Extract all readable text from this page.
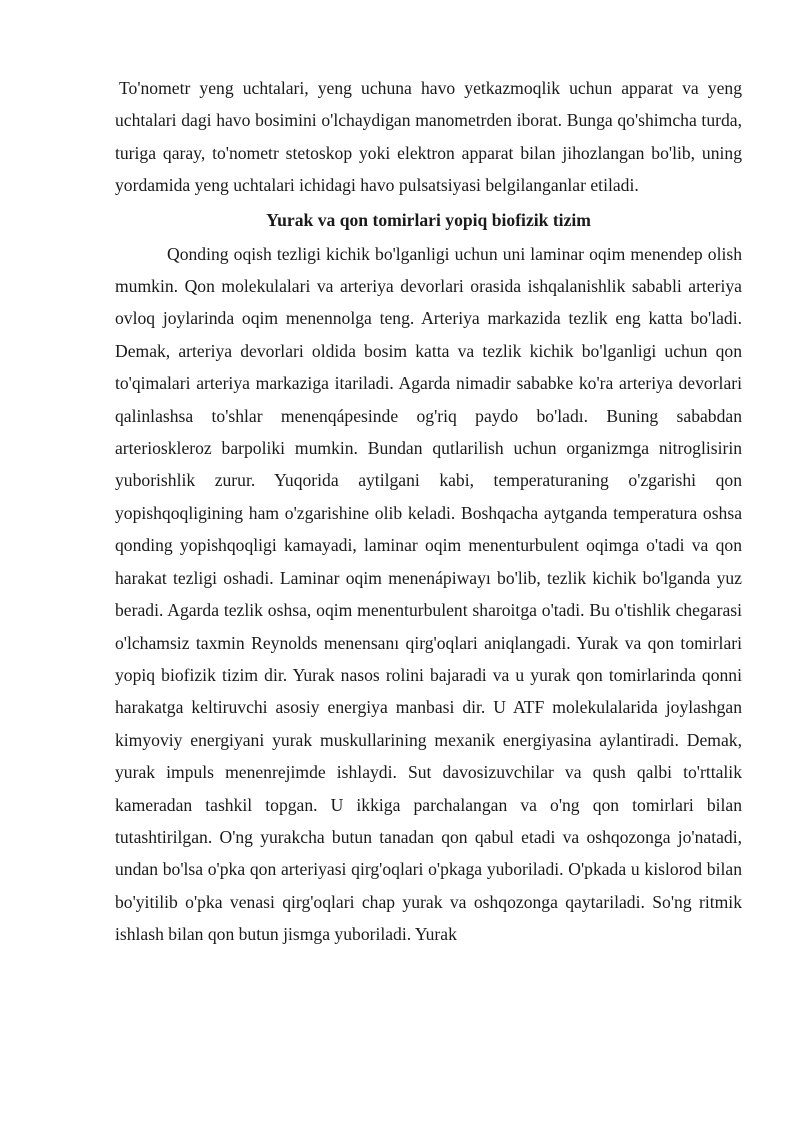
To'nometr yeng uchtalari, yeng uchuna havo yetkazmoqlik uchun apparat va yeng uchtalari dagi havo bosimini o'lchaydigan manometrden iborat. Bunga qo'shimcha turda, turiga qaray, to'nometr stetoskop yoki elektron apparat bilan jihozlangan bo'lib, uning yordamida yeng uchtalari ichidagi havo pulsatsiyasi belgilanganlar etiladi.

Yurak va qon tomirlari yopiq biofizik tizim

Qonding oqish tezligi kichik bo'lganligi uchun uni laminar oqim menendep olish mumkin. Qon molekulalari va arteriya devorlari orasida ishqalanishlik sababli arteriya ovloq joylarinda oqim menennolga teng. Arteriya markazida tezlik eng katta bo'ladi. Demak, arteriya devorlari oldida bosim katta va tezlik kichik bo'lganligi uchun qon to'qimalari arteriya markaziga itariladi. Agarda nimadir sababke ko'ra arteriya devorlari qalinlashsa to'shlar menenqápesinde og'riq paydo bo'ladı. Buning sababdan arterioskleroz barpoliki mumkin. Bundan qutlarilish uchun organizmga nitroglisirin yuborishlik zurur. Yuqorida aytilgani kabi, temperaturaning o'zgarishi qon yopishqoqligining ham o'zgarishine olib keladi. Boshqacha aytganda temperatura oshsa qonding yopishqoqligi kamayadi, laminar oqim menenturbulent oqimga o'tadi va qon harakat tezligi oshadi. Laminar oqim menenápiwayı bo'lib, tezlik kichik bo'lganda yuz beradi. Agarda tezlik oshsa, oqim menenturbulent sharoitga o'tadi. Bu o'tishlik chegarasi o'lchamsiz taxmin Reynolds menensanı qirg'oqlari aniqlangadi. Yurak va qon tomirlari yopiq biofizik tizim dir. Yurak nasos rolini bajaradi va u yurak qon tomirlarinda qonni harakatga keltiruvchi asosiy energiya manbasi dir. U ATF molekulalarida joylashgan kimyoviy energiyani yurak muskullarining mexanik energiyasina aylantiradi. Demak, yurak impuls menenrejimde ishlaydi. Sut davosizuvchilar va qush qalbi to'rttalik kameradan tashkil topgan. U ikkiga parchalangan va o'ng qon tomirlari bilan tutashtirilgan. O'ng yurakcha butun tanadan qon qabul etadi va oshqozonga jo'natadi, undan bo'lsa o'pka qon arteriyasi qirg'oqlari o'pkaga yuboriladi. O'pkada u kislorod bilan bo'yitilib o'pka venasi qirg'oqlari chap yurak va oshqozonga qaytariladi. So'ng ritmik ishlash bilan qon butun jismga yuboriladi. Yurak
